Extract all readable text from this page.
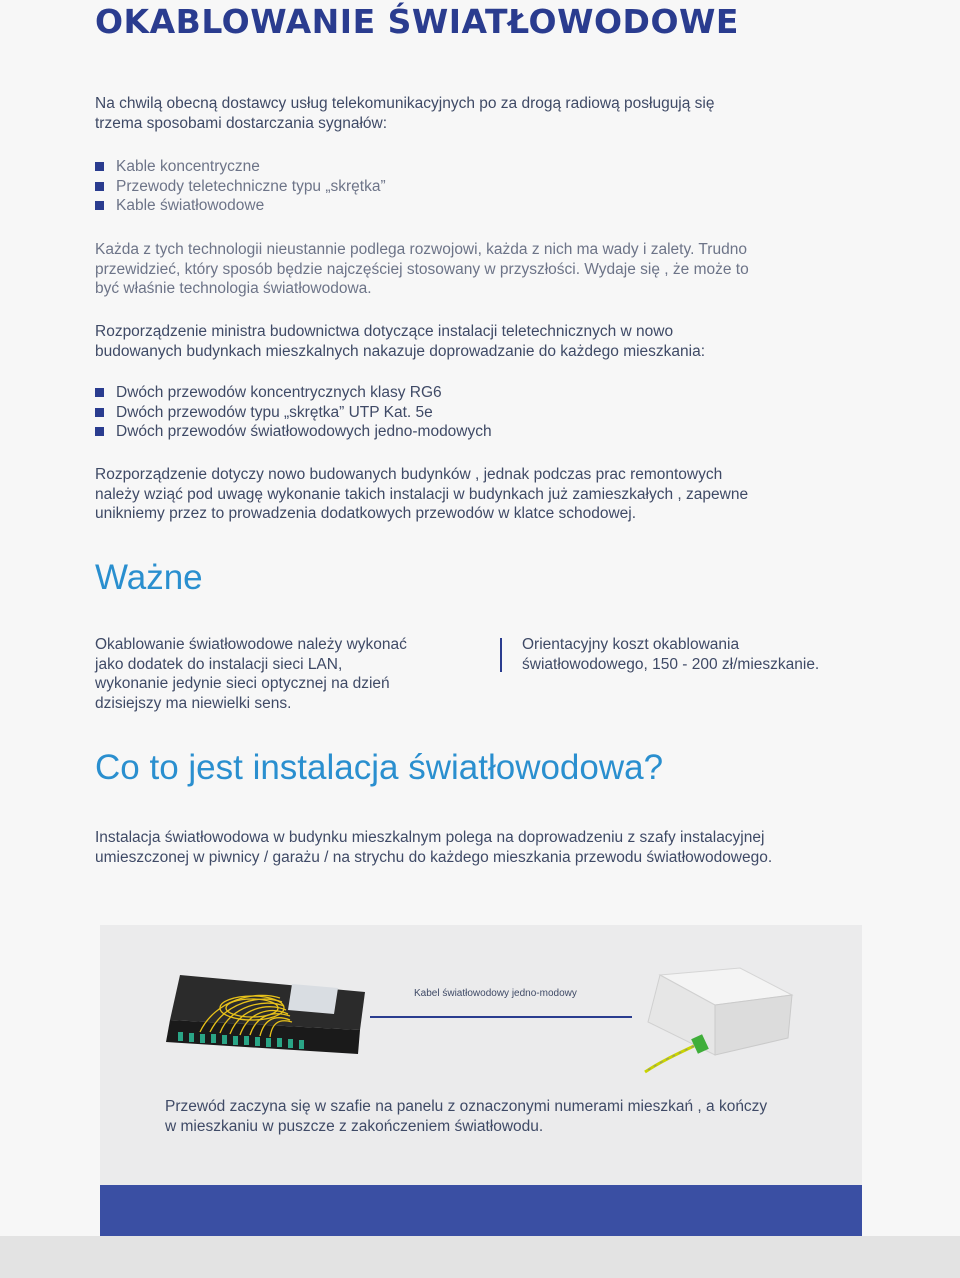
OKABLOWANIE ŚWIATŁOWODOWE

Na chwilą obecną dostawcy usług telekomunikacyjnych po za drogą radiową posługują się
trzema sposobami dostarczania sygnałów:

Kable koncentryczne
Przewody teletechniczne typu „skrętka”
Kable światłowodowe

Każda z tych technologii nieustannie podlega rozwojowi, każda z nich ma wady i zalety. Trudno
przewidzieć, który sposób będzie najczęściej stosowany w przyszłości. Wydaje się , że może to
być właśnie technologia światłowodowa.

Rozporządzenie ministra budownictwa dotyczące instalacji teletechnicznych w nowo
budowanych budynkach mieszkalnych nakazuje doprowadzanie do każdego mieszkania:

Dwóch przewodów koncentrycznych klasy RG6
Dwóch przewodów typu „skrętka” UTP Kat. 5e
Dwóch przewodów światłowodowych jedno-modowych

Rozporządzenie dotyczy nowo budowanych budynków , jednak podczas prac remontowych
należy wziąć pod uwagę wykonanie takich instalacji w budynkach już zamieszkałych , zapewne
unikniemy przez to prowadzenia dodatkowych przewodów w klatce schodowej.

Ważne

Okablowanie światłowodowe należy wykonać
jako dodatek do instalacji sieci LAN,
wykonanie jedynie sieci optycznej na dzień
dzisiejszy ma niewielki sens.

Orientacyjny koszt okablowania
światłowodowego, 150 - 200 zł/mieszkanie.

Co to jest instalacja światłowodowa?

Instalacja światłowodowa w budynku mieszkalnym polega na doprowadzeniu z szafy instalacyjnej
umieszczonej w piwnicy / garażu / na strychu do każdego mieszkania przewodu światłowodowego.

Kabel światłowodowy jedno-modowy

Przewód zaczyna się w szafie na panelu z oznaczonymi numerami mieszkań , a kończy
w mieszkaniu w puszcze z zakończeniem światłowodu.
